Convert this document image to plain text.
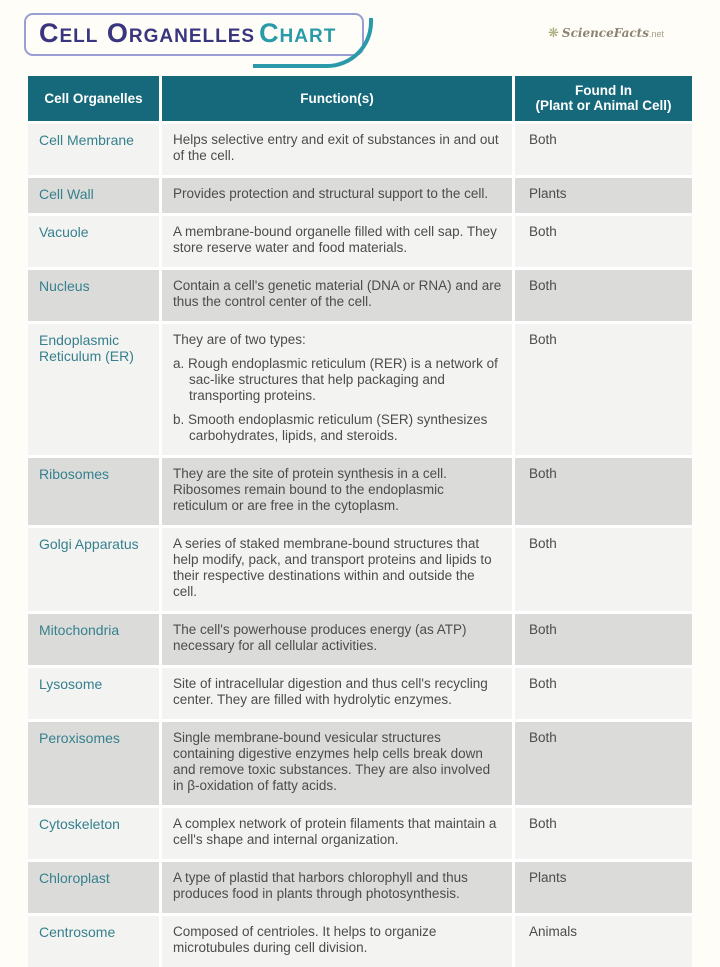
Cell Organelles Chart	❋ ScienceFacts.net
Cell Organelles	Function(s)	Found In
(Plant or Animal Cell)
Cell Membrane	Helps selective entry and exit of substances in and out of the cell.	Both
Cell Wall	Provides protection and structural support to the cell.	Plants
Vacuole	A membrane-bound organelle filled with cell sap. They store reserve water and food materials.	Both
Nucleus	Contain a cell's genetic material (DNA or RNA) and are thus the control center of the cell.	Both
Endoplasmic Reticulum (ER)	They are of two types:

a. Rough endoplasmic reticulum (RER) is a network of sac-like structures that help packaging and transporting proteins.

b. Smooth endoplasmic reticulum (SER) synthesizes carbohydrates, lipids, and steroids.	Both
Ribosomes	They are the site of protein synthesis in a cell. Ribosomes remain bound to the endoplasmic reticulum or are free in the cytoplasm.	Both
Golgi Apparatus	A series of staked membrane-bound structures that help modify, pack, and transport proteins and lipids to their respective destinations within and outside the cell.	Both
Mitochondria	The cell's powerhouse produces energy (as ATP) necessary for all cellular activities.	Both
Lysosome	Site of intracellular digestion and thus cell's recycling center. They are filled with hydrolytic enzymes.	Both
Peroxisomes	Single membrane-bound vesicular structures containing digestive enzymes help cells break down and remove toxic substances. They are also involved in β-oxidation of fatty acids.	Both
Cytoskeleton	A complex network of protein filaments that maintain a cell's shape and internal organization.	Both
Chloroplast	A type of plastid that harbors chlorophyll and thus produces food in plants through photosynthesis.	Plants
Centrosome	Composed of centrioles. It helps to organize microtubules during cell division.	Animals
